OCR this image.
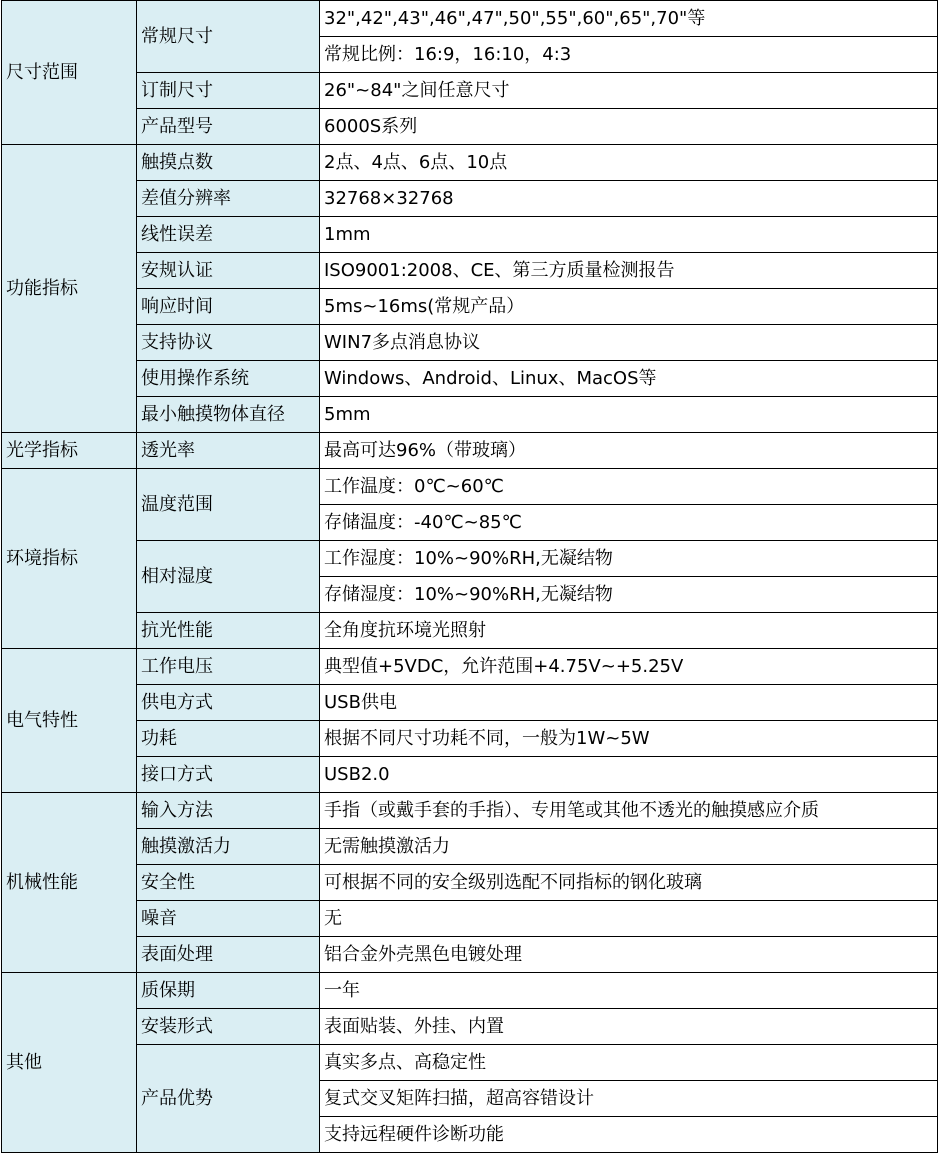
尺寸范围	常规尺寸	32",42",43",46",47",50",55",60",65",70"等
		常规比例：16:9，16:10，4:3
	订制尺寸	26"~84"之间任意尺寸
	产品型号	6000S系列
功能指标	触摸点数	2点、4点、6点、10点
	差值分辨率	32768×32768
	线性误差	1mm
	安规认证	ISO9001:2008、CE、第三方质量检测报告
	响应时间	5ms~16ms(常规产品）
	支持协议	WIN7多点消息协议
	使用操作系统	Windows、Android、Linux、MacOS等
	最小触摸物体直径	5mm
光学指标	透光率	最高可达96%（带玻璃）
环境指标	温度范围	工作温度：0℃~60℃
		存储温度：-40℃~85℃
	相对湿度	工作湿度：10%~90%RH,无凝结物
		存储湿度：10%~90%RH,无凝结物
	抗光性能	全角度抗环境光照射
电气特性	工作电压	典型值+5VDC，允许范围+4.75V~+5.25V
	供电方式	USB供电
	功耗	根据不同尺寸功耗不同，一般为1W~5W
	接口方式	USB2.0
机械性能	输入方法	手指（或戴手套的手指）、专用笔或其他不透光的触摸感应介质
	触摸激活力	无需触摸激活力
	安全性	可根据不同的安全级别选配不同指标的钢化玻璃
	噪音	无
	表面处理	铝合金外壳黑色电镀处理
其他	质保期	一年
	安装形式	表面贴装、外挂、内置
	产品优势	真实多点、高稳定性
		复式交叉矩阵扫描，超高容错设计
		支持远程硬件诊断功能
